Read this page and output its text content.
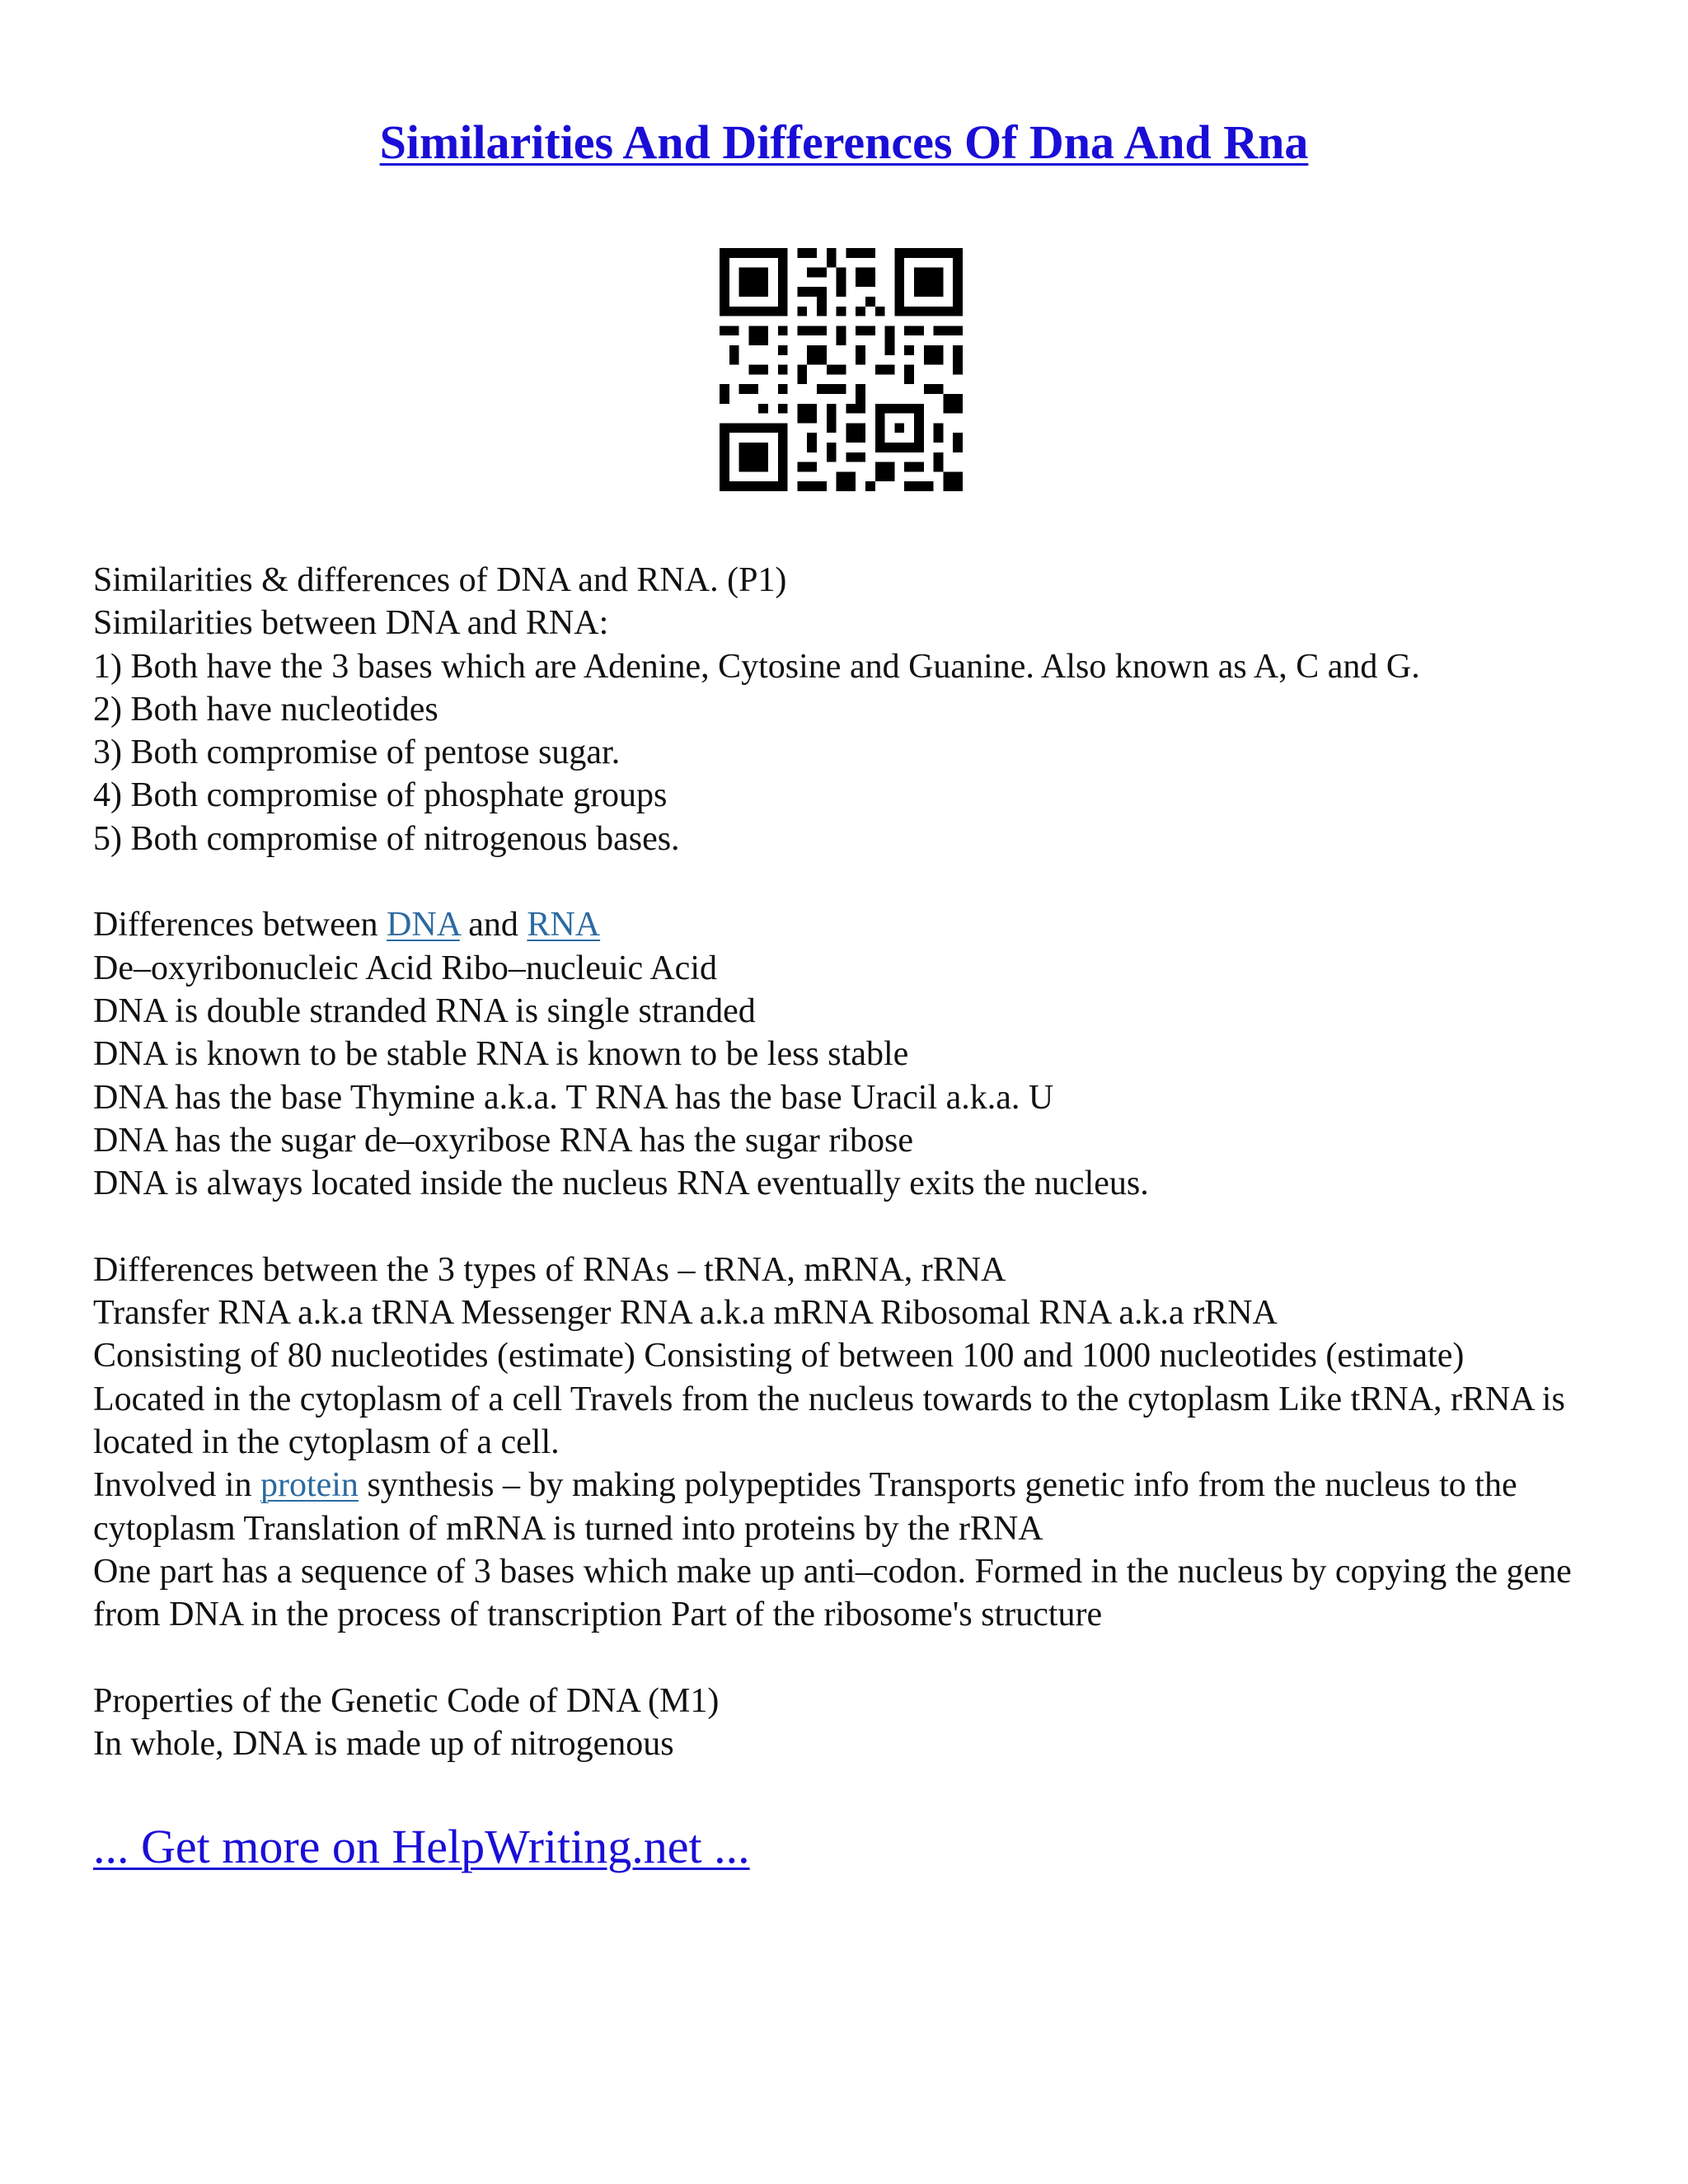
Similarities And Differences Of Dna And Rna

Similarities & differences of DNA and RNA. (P1)

Similarities between DNA and RNA:

1) Both have the 3 bases which are Adenine, Cytosine and Guanine. Also known as A, C and G.

2) Both have nucleotides

3) Both compromise of pentose sugar.

4) Both compromise of phosphate groups

5) Both compromise of nitrogenous bases.

Differences between DNA and RNA

De–oxyribonucleic Acid Ribo–nucleuic Acid

DNA is double stranded RNA is single stranded

DNA is known to be stable RNA is known to be less stable

DNA has the base Thymine a.k.a. T RNA has the base Uracil a.k.a. U

DNA has the sugar de–oxyribose RNA has the sugar ribose

DNA is always located inside the nucleus RNA eventually exits the nucleus.

Differences between the 3 types of RNAs – tRNA, mRNA, rRNA

Transfer RNA a.k.a tRNA Messenger RNA a.k.a mRNA Ribosomal RNA a.k.a rRNA

Consisting of 80 nucleotides (estimate) Consisting of between 100 and 1000 nucleotides (estimate)

Located in the cytoplasm of a cell Travels from the nucleus towards to the cytoplasm Like tRNA, rRNA is located in the cytoplasm of a cell.

Involved in protein synthesis – by making polypeptides Transports genetic info from the nucleus to the cytoplasm Translation of mRNA is turned into proteins by the rRNA

One part has a sequence of 3 bases which make up anti–codon. Formed in the nucleus by copying the gene from DNA in the process of transcription Part of the ribosome's structure

Properties of the Genetic Code of DNA (M1)

In whole, DNA is made up of nitrogenous

... Get more on HelpWriting.net ...
